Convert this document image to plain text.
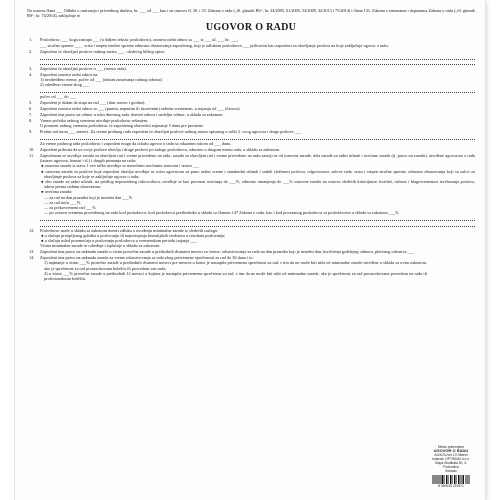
Na osnovu člana ___ Odluke o osnivanju i privrednog društva, br. ___ od ___ kao i na osnovu čl. 30. i 33. Zakona o radu („Sl. glasnik RS“, br. 24/2005, 61/2005, 54/2009, 32/2013 i 75/2014) i člana 131. Zakona o izmenama i dopunama Zakona o radu („Sl. glasnik RS“, br. 74/2014), zaključuje se
UGOVOR O RADU
1. Poslodavac: ___ koga zastupa ___ (u daljem tekstu: poslodavac), zasniva radni odnos sa ___ iz ___ ul. ___ br. ___,
___ stručne spreme ___ , vrsta i stepen stručne spreme odnosno obrazovanja zaposlenog, koji je odlukom poslodavca ___ prihvaćen kao zaposleni za obavljanje poslova na koje zaključuje ugovor o radu.
2. Zaposleni će obavljati poslove radnog mesta ___ , sledećeg bližeg opisa:
3. Zaposleni će obavljati poslove u ___ (mesto rada).
4. Zaposleni zasniva radni odnos na:
1) neodređeno vreme, počev od ___ (datum zasnivanja radnog odnosa)
2) određeno vreme zbog ___
počev od ___ do ___
5. Zaposleni je dužan da stupi na rad ___ (dan, mesec i godina).
6. Zaposleni zasniva radni odnos sa ___ (punim, nepunim ili skraćenim) radnim vremenom, u trajanju od ___ (časova).
7. Zaposleni ima pravo na odmor u toku dnevnog rada, dnevni odmor i nedeljni odmor, u skladu sa zakonom.
8. Vreme početka radnog vremena utvrđuje poslodavac rešenjem.
O promeni radnog vremena poslodavac će zaposlenog obavestiti najmanje 5 dana pre promene.
9. Probni rad mora ___ meseci. Za vreme probnog rada zaposleni će obavljati poslove radnog mesta opisanog u tački 2. ovog ugovora i druge poslove ___
Za vreme probnog rada poslodavac i zaposleni mogu da otkažu ugovor o radu sa otkaznim rokom od ___ dana.
10. Zaposleni prihvata da uz svoje poslove obavlja i druge poslove po nalogu poslodavca, odnosno u drugom mestu rada, u skladu sa zakonom.
11. Zaposlenom se utvrđuje zarada za obavljeni rad i vreme provedeno na radu, zarada za obavljeni rad i vreme provedeno na radu sastoji se od osnovne zarade, dela zarade za radni učinak i uvećane zarade (tj. pravo na zaradu), utvrđene ugovorom o radu (izuzev ugovora, bonusi i sl.) i drugih primanja na radu:
● osnovna zarada iz stava 1 ove tačke utvrđuje se mesečnim novčanim iznosom i iznosi ___
● osnovna zarada za poslove koje zaposleni obavlja utvrđuje se ovim ugovorom za puno radno vreme i standardni učinak i sadrži složenost poslova, odgovornost, uslove rada, vrstu i stepen stručne spreme, odnosno obrazovanja koji su uslov za obavljanje poslova za koje se zaključuje ugovor o radu;
● deo zarade za radni učinak, na predlog neposrednog rukovodioca, utvrđuje se kao procenat uvećanja do ___%, odnosno umanjenja do ___% osnovne zarade na osnovu sledećih kriterijuma: kvalitet, tačnost i blagovremenost izvršavanja poslova, odnos prema radnim obavezama;
● uvećana zarada:
— za rad na dan praznika koji je neradni dan ___%
— za rad noću ___%
— za prekovremeni rad ___%
— po osnovu vremena provedenog na radu kod poslodavca, kod poslodavca prethodnika u skladu sa članom 147 Zakona o radu, kao i kod povezanog poslodavca sa poslodavcem u skladu sa zakonom ___%
12. Poslodavac može u skladu sa zakonom doneti odluku o uvođenju minimalne zarade iz sledećih razloga:
● u slučaju pretrpljenog gubitka u poslovanju ili nepostojanja finansijskih sredstava u rezultatu poslovanja;
● u slučaju usled poremećaja u poslovanju poslodavca u vremenskom periodu trajanja ___
Visina minimalne zarade se određuje i isplaćuje u skladu sa zakonom.
13. Zaposleni ima pravo na naknadu zarade u visini prosečne zarade u prethodnih dvanaest meseci za vreme: odsustvovanja sa rada na dan praznika koji je neradni dan, korišćenja godišnjeg odmora, plaćenog odsustva ___
14. Zaposleni ima pravo na naknadu zarade za vreme odsustvovanja sa rada zbog privremene sprečenosti za rad do 30 dana i to:
1) najmanje u visini ___% prosečne zarade u prethodnih dvanaest meseci pre meseca u kome je nastupila privremena sprečenost za rad, s tim da ne može biti niža od minimalne zarade utvrđene u skladu sa ovim zakonom, ako je sprečenost za rad prouzrokovana bolešću ili povredom van rada;
2) u visini ___% prosečne zarade u prethodnih 12 meseci u kojima je nastupila privremena sprečenost za rad, s tim da ne može biti niža od minimalne zarade, ako je sprečenost za rad prouzrokovana povredom na radu ili profesionalnom bolešću.
Mesto primenjene
UGOVOR O RADU
AU/KOL/ver 13 Sistem
Izdavač: OPTIMUM d.o.o.
Mapa Sindikata 40, 3. Podomlica
Sokolac
8 960035 219571
